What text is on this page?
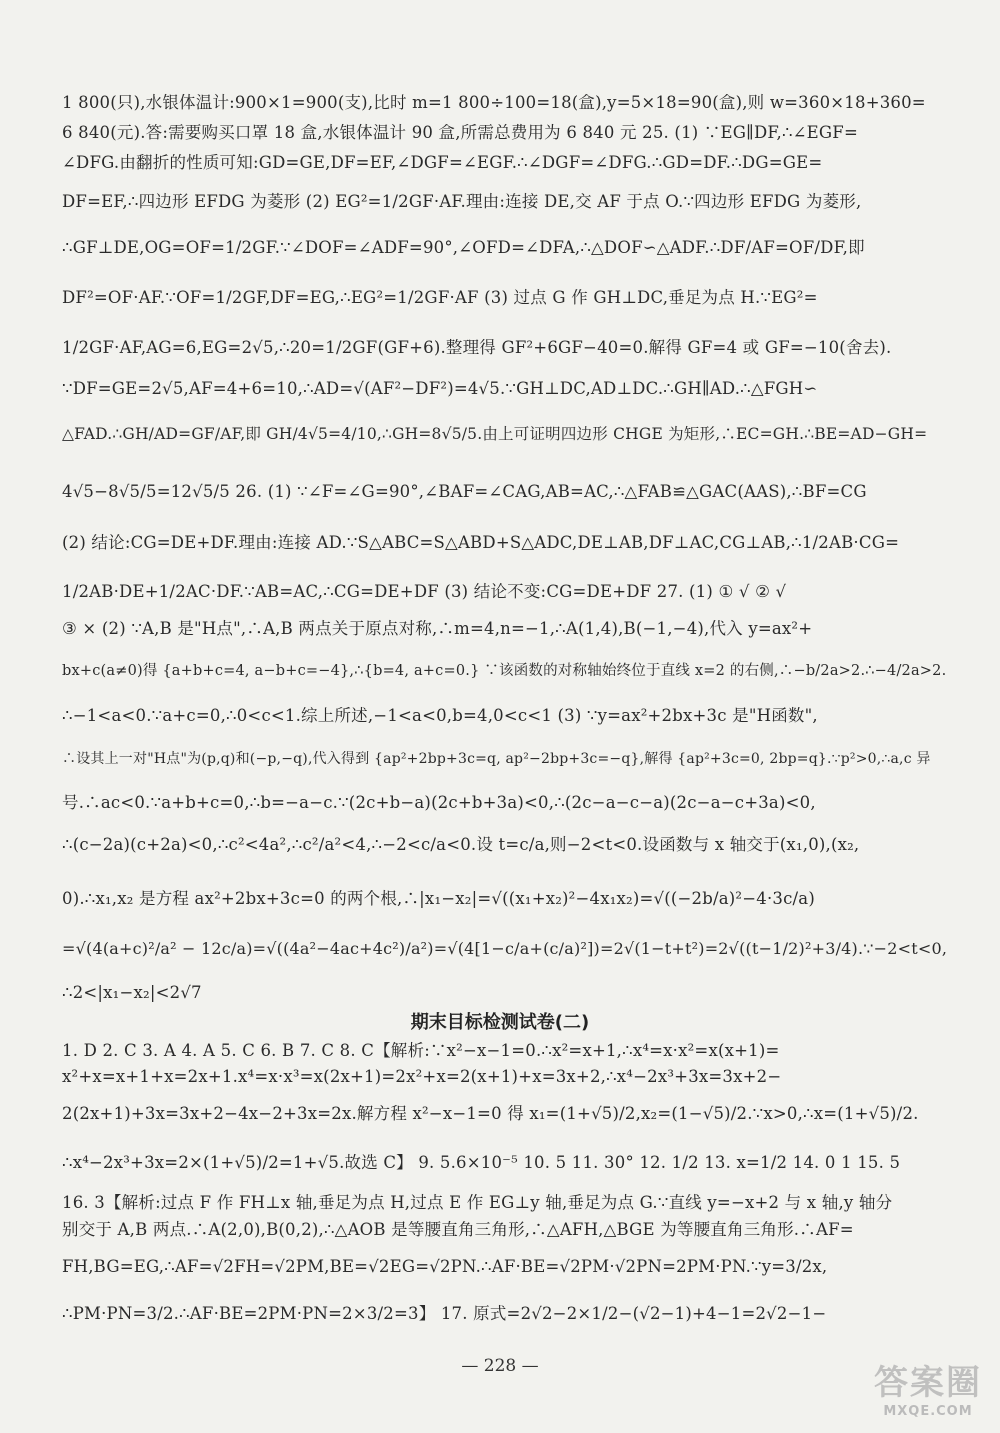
1 800(只),水银体温计:900×1=900(支),比时 m=1 800÷100=18(盒),y=5×18=90(盒),则 w=360×18+360=
6 840(元).答:需要购买口罩 18 盒,水银体温计 90 盒,所需总费用为 6 840 元 25. (1) ∵EG∥DF,∴∠EGF=
∠DFG.由翻折的性质可知:GD=GE,DF=EF,∠DGF=∠EGF.∴∠DGF=∠DFG.∴GD=DF.∴DG=GE=
DF=EF,∴四边形 EFDG 为菱形 (2) EG²=1/2GF·AF.理由:连接 DE,交 AF 于点 O.∵四边形 EFDG 为菱形,
∴GF⊥DE,OG=OF=1/2GF.∵∠DOF=∠ADF=90°,∠OFD=∠DFA,∴△DOF∽△ADF.∴DF/AF=OF/DF,即
DF²=OF·AF.∵OF=1/2GF,DF=EG,∴EG²=1/2GF·AF (3) 过点 G 作 GH⊥DC,垂足为点 H.∵EG²=
1/2GF·AF,AG=6,EG=2√5,∴20=1/2GF(GF+6).整理得 GF²+6GF−40=0.解得 GF=4 或 GF=−10(舍去).
∵DF=GE=2√5,AF=4+6=10,∴AD=√(AF²−DF²)=4√5.∵GH⊥DC,AD⊥DC.∴GH∥AD.∴△FGH∽
△FAD.∴GH/AD=GF/AF,即 GH/4√5=4/10,∴GH=8√5/5.由上可证明四边形 CHGE 为矩形,∴EC=GH.∴BE=AD−GH=
4√5−8√5/5=12√5/5 26. (1) ∵∠F=∠G=90°,∠BAF=∠CAG,AB=AC,∴△FAB≌△GAC(AAS),∴BF=CG
(2) 结论:CG=DE+DF.理由:连接 AD.∵S△ABC=S△ABD+S△ADC,DE⊥AB,DF⊥AC,CG⊥AB,∴1/2AB·CG=
1/2AB·DE+1/2AC·DF.∵AB=AC,∴CG=DE+DF (3) 结论不变:CG=DE+DF 27. (1) ① √ ② √
③ × (2) ∵A,B 是"H点",∴A,B 两点关于原点对称,∴m=4,n=−1,∴A(1,4),B(−1,−4),代入 y=ax²+
bx+c(a≠0)得 {a+b+c=4, a−b+c=−4},∴{b=4, a+c=0.} ∵该函数的对称轴始终位于直线 x=2 的右侧,∴−b/2a>2.∴−4/2a>2.
∴−1<a<0.∵a+c=0,∴0<c<1.综上所述,−1<a<0,b=4,0<c<1 (3) ∵y=ax²+2bx+3c 是"H函数",
∴设其上一对"H点"为(p,q)和(−p,−q),代入得到 {ap²+2bp+3c=q, ap²−2bp+3c=−q},解得 {ap²+3c=0, 2bp=q}.∵p²>0,∴a,c 异
号.∴ac<0.∵a+b+c=0,∴b=−a−c.∵(2c+b−a)(2c+b+3a)<0,∴(2c−a−c−a)(2c−a−c+3a)<0,
∴(c−2a)(c+2a)<0,∴c²<4a²,∴c²/a²<4,∴−2<c/a<0.设 t=c/a,则−2<t<0.设函数与 x 轴交于(x₁,0),(x₂,
0).∴x₁,x₂ 是方程 ax²+2bx+3c=0 的两个根,∴|x₁−x₂|=√((x₁+x₂)²−4x₁x₂)=√((−2b/a)²−4·3c/a)
=√(4(a+c)²/a² − 12c/a)=√((4a²−4ac+4c²)/a²)=√(4[1−c/a+(c/a)²])=2√(1−t+t²)=2√((t−1/2)²+3/4).∵−2<t<0,
∴2<|x₁−x₂|<2√7
期末目标检测试卷(二)
1. D 2. C 3. A 4. A 5. C 6. B 7. C 8. C【解析:∵x²−x−1=0.∴x²=x+1,∴x⁴=x·x²=x(x+1)=
x²+x=x+1+x=2x+1.x⁴=x·x³=x(2x+1)=2x²+x=2(x+1)+x=3x+2,∴x⁴−2x³+3x=3x+2−
2(2x+1)+3x=3x+2−4x−2+3x=2x.解方程 x²−x−1=0 得 x₁=(1+√5)/2,x₂=(1−√5)/2.∵x>0,∴x=(1+√5)/2.
∴x⁴−2x³+3x=2×(1+√5)/2=1+√5.故选 C】 9. 5.6×10⁻⁵ 10. 5 11. 30° 12. 1/2 13. x=1/2 14. 0 1 15. 5
16. 3【解析:过点 F 作 FH⊥x 轴,垂足为点 H,过点 E 作 EG⊥y 轴,垂足为点 G.∵直线 y=−x+2 与 x 轴,y 轴分
别交于 A,B 两点.∴A(2,0),B(0,2),∴△AOB 是等腰直角三角形,∴△AFH,△BGE 为等腰直角三角形.∴AF=
FH,BG=EG,∴AF=√2FH=√2PM,BE=√2EG=√2PN.∴AF·BE=√2PM·√2PN=2PM·PN.∵y=3/2x,
∴PM·PN=3/2.∴AF·BE=2PM·PN=2×3/2=3】 17. 原式=2√2−2×1/2−(√2−1)+4−1=2√2−1−
— 228 —	答案圈
MXQE.COM
